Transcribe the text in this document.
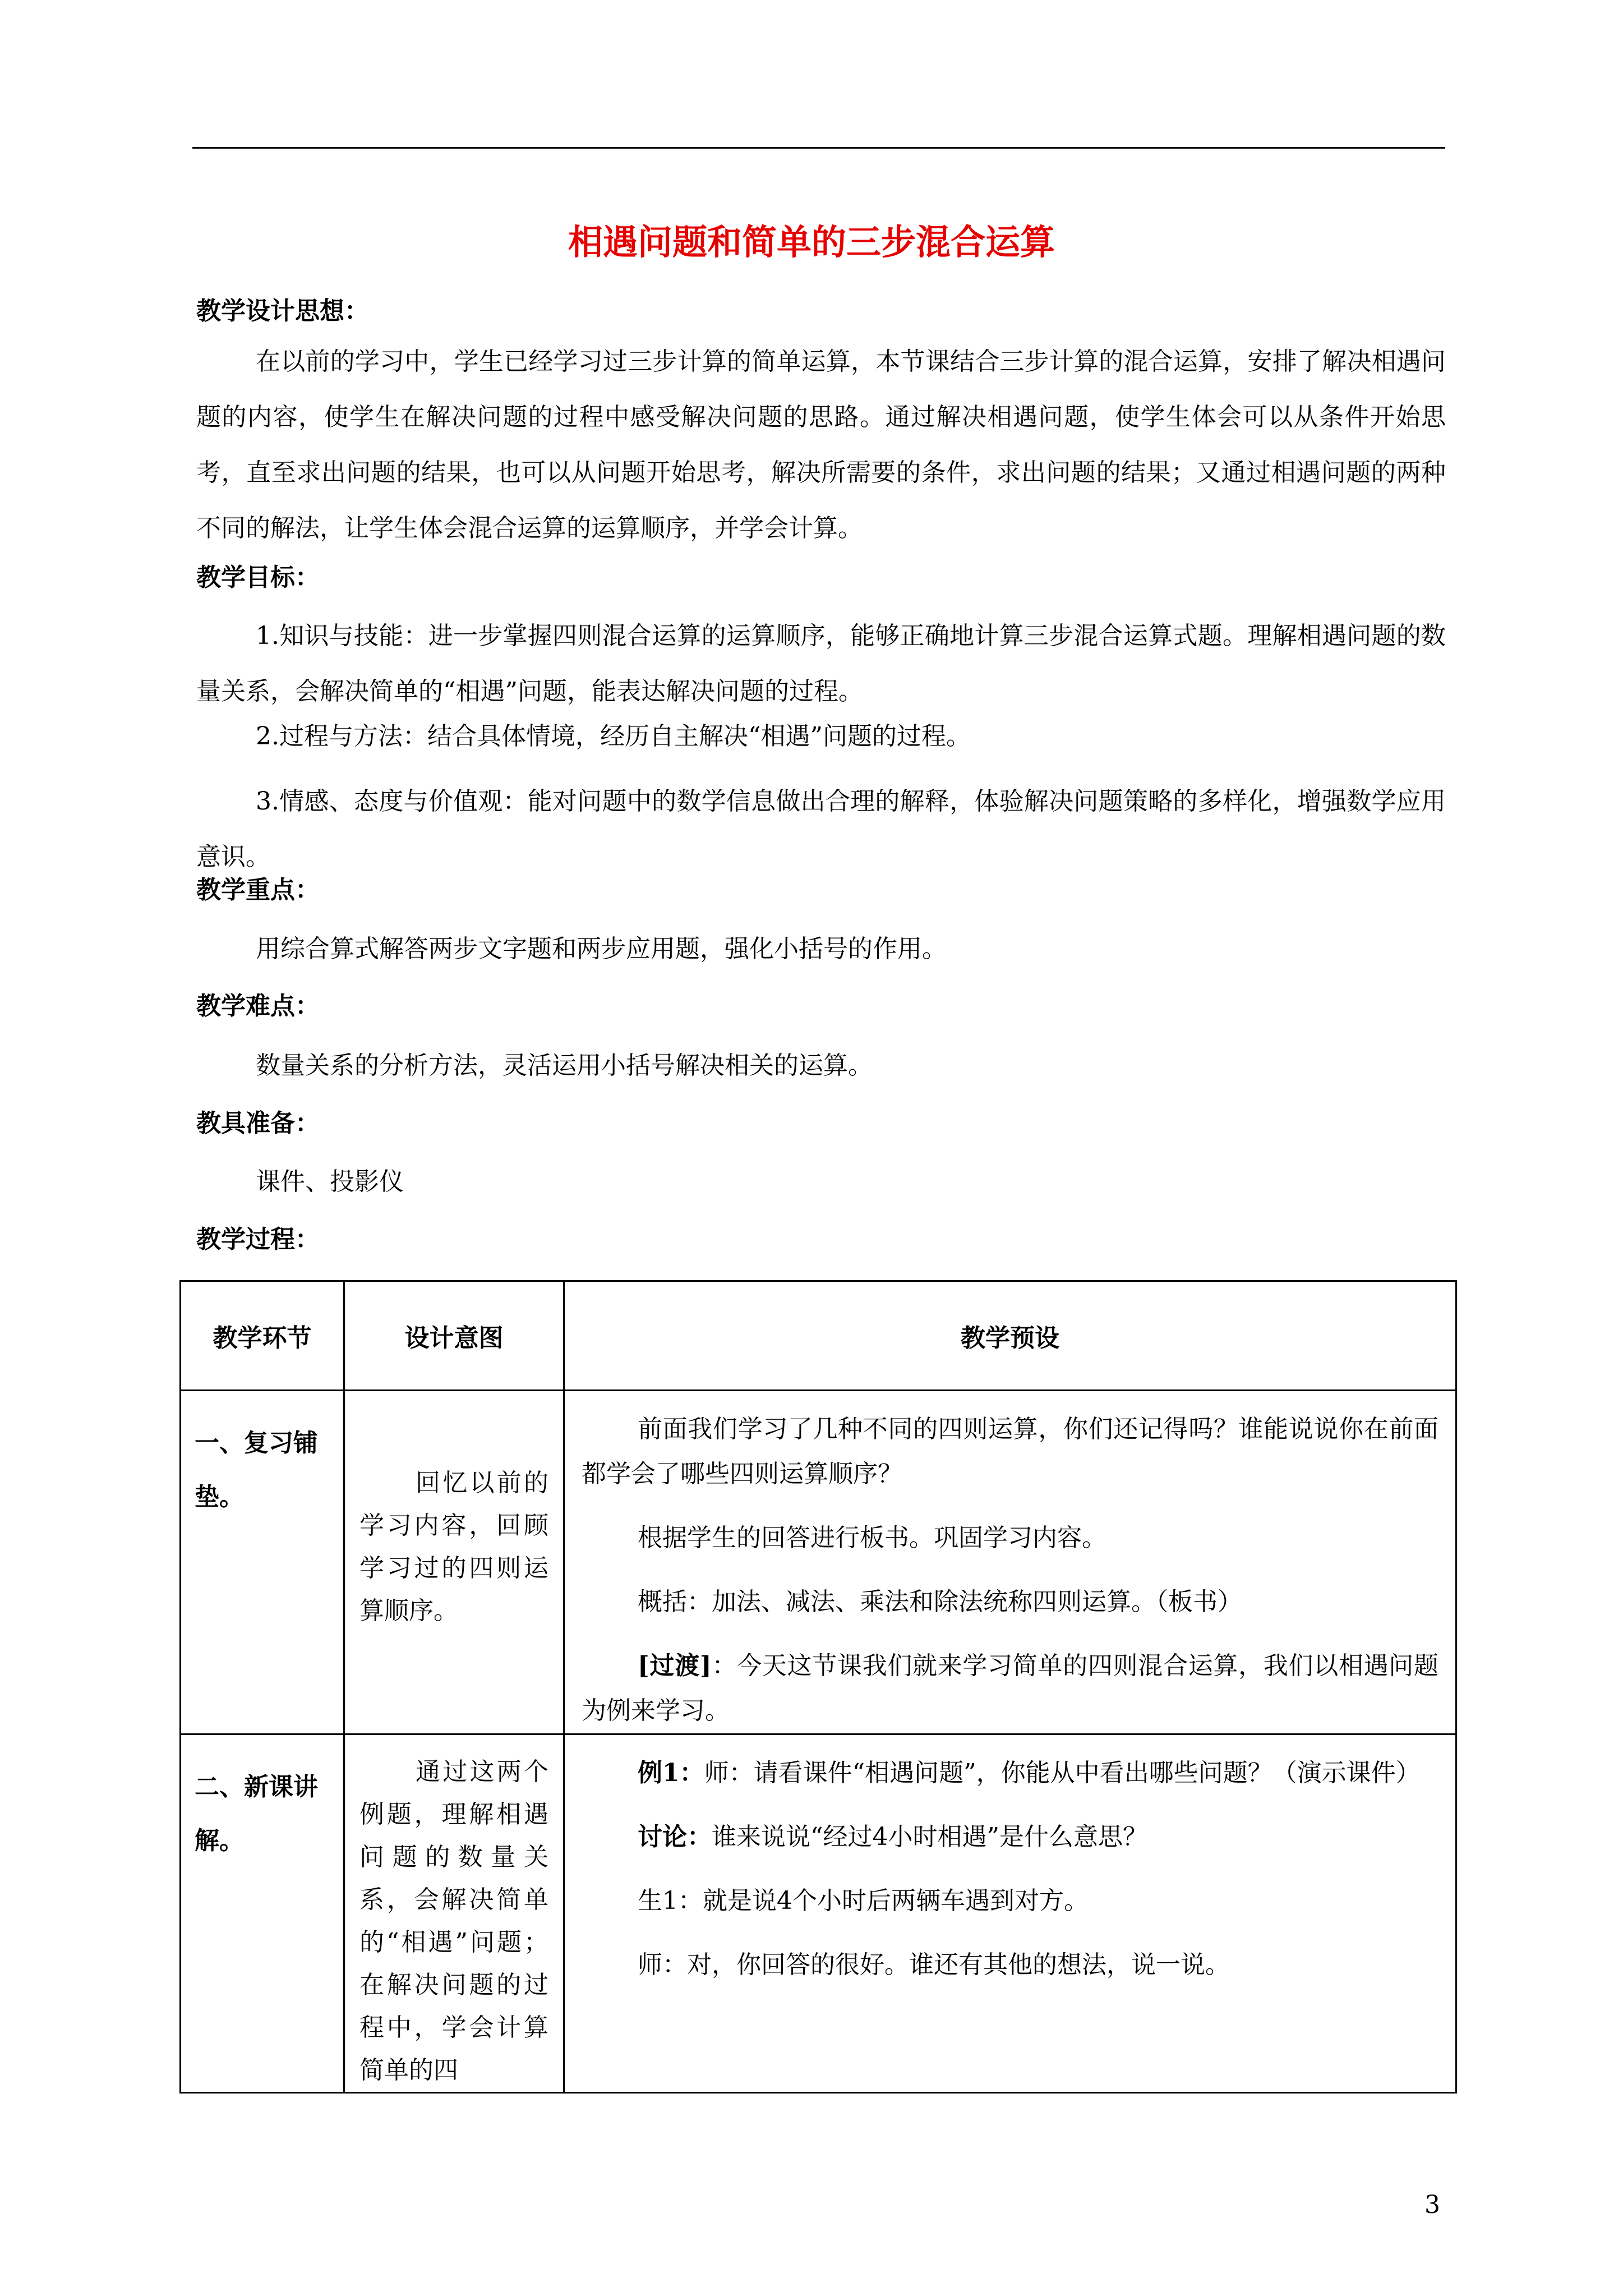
相遇问题和简单的三步混合运算
教学设计思想：
在以前的学习中，学生已经学习过三步计算的简单运算，本节课结合三步计算的混合运算，安排了解决相遇问题的内容，使学生在解决问题的过程中感受解决问题的思路。通过解决相遇问题，使学生体会可以从条件开始思考，直至求出问题的结果，也可以从问题开始思考，解决所需要的条件，求出问题的结果；又通过相遇问题的两种不同的解法，让学生体会混合运算的运算顺序，并学会计算。
教学目标：
1.知识与技能：进一步掌握四则混合运算的运算顺序，能够正确地计算三步混合运算式题。理解相遇问题的数量关系，会解决简单的“相遇”问题，能表达解决问题的过程。
2.过程与方法：结合具体情境，经历自主解决“相遇”问题的过程。
3.情感、态度与价值观：能对问题中的数学信息做出合理的解释，体验解决问题策略的多样化，增强数学应用意识。
教学重点：
用综合算式解答两步文字题和两步应用题，强化小括号的作用。
教学难点：
数量关系的分析方法，灵活运用小括号解决相关的运算。
教具准备：
课件、投影仪
教学过程：
教学环节	设计意图	教学预设
一、复习铺垫。	回忆以前的学习内容，回顾学习过的四则运算顺序。	前面我们学习了几种不同的四则运算，你们还记得吗？谁能说说你在前面都学会了哪些四则运算顺序？

根据学生的回答进行板书。巩固学习内容。

概括：加法、减法、乘法和除法统称四则运算。（板书）

[过渡]：今天这节课我们就来学习简单的四则混合运算，我们以相遇问题为例来学习。

二、新课讲解。	通过这两个例题，理解相遇问题的数量关系，会解决简单的“相遇”问题；在解决问题的过程中，学会计算简单的四	例1：师：请看课件“相遇问题”，你能从中看出哪些问题？（演示课件）

讨论：谁来说说“经过4小时相遇”是什么意思？

生1：就是说4个小时后两辆车遇到对方。

师：对，你回答的很好。谁还有其他的想法，说一说。

3
